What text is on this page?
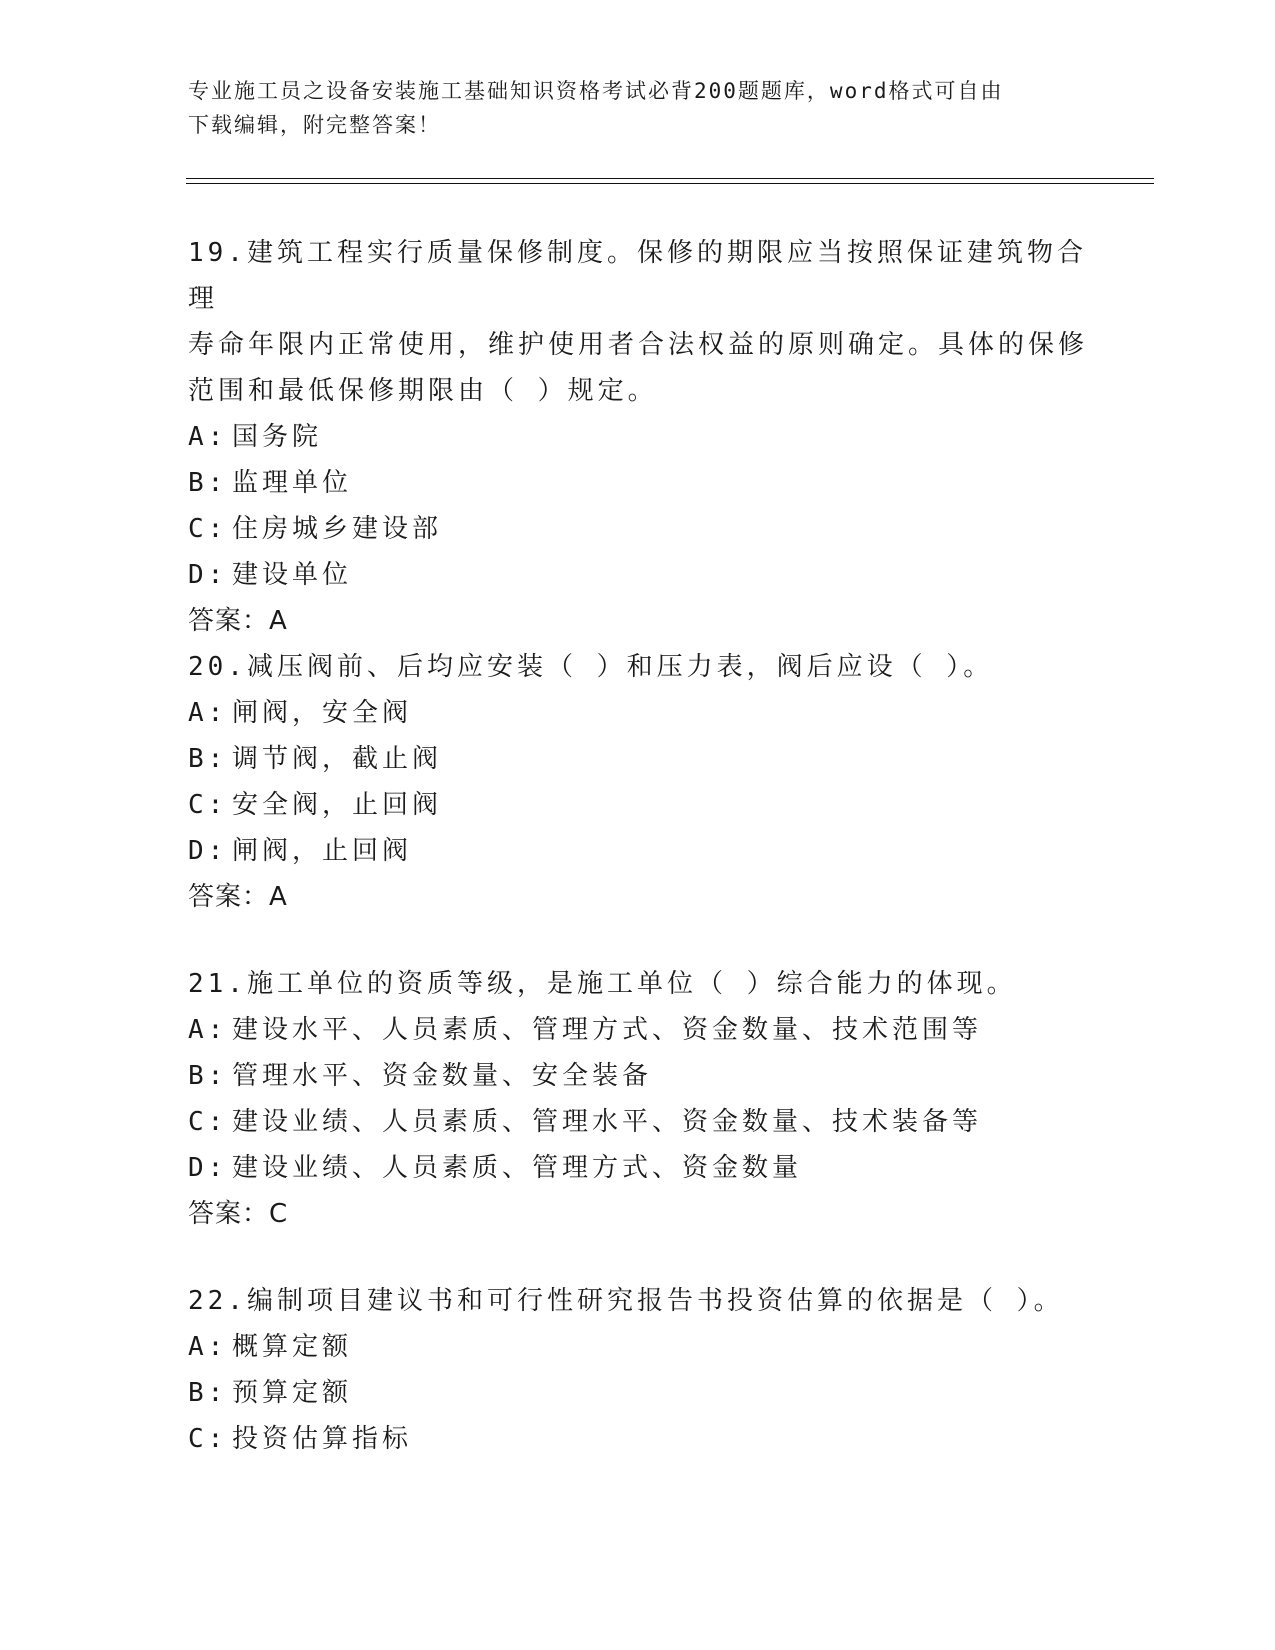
专业施工员之设备安装施工基础知识资格考试必背200题题库，word格式可自由
下载编辑，附完整答案！

19.建筑工程实行质量保修制度。保修的期限应当按照保证建筑物合理
寿命年限内正常使用，维护使用者合法权益的原则确定。具体的保修
范围和最低保修期限由（ ）规定。

A: 国务院

B: 监理单位

C: 住房城乡建设部

D: 建设单位

答案：A

20.减压阀前、后均应安装（ ）和压力表，阀后应设（ ）。

A: 闸阀，安全阀

B: 调节阀，截止阀

C: 安全阀，止回阀

D: 闸阀，止回阀

答案：A

21.施工单位的资质等级，是施工单位（ ）综合能力的体现。

A: 建设水平、人员素质、管理方式、资金数量、技术范围等

B: 管理水平、资金数量、安全装备

C: 建设业绩、人员素质、管理水平、资金数量、技术装备等

D: 建设业绩、人员素质、管理方式、资金数量

答案：C

22.编制项目建议书和可行性研究报告书投资估算的依据是（ ）。

A: 概算定额

B: 预算定额

C: 投资估算指标
